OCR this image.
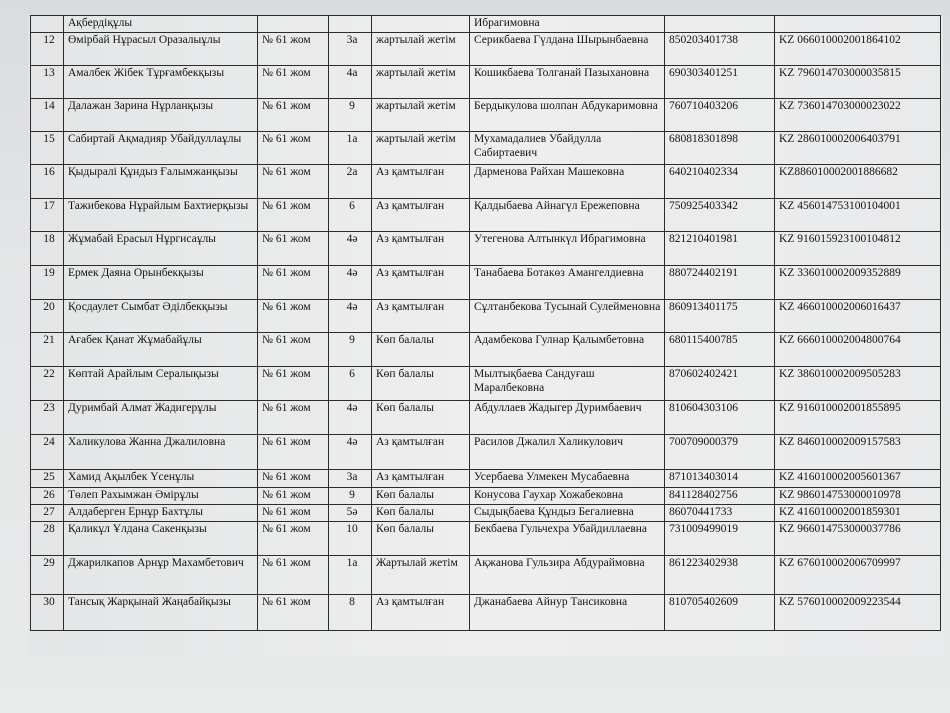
	Ақбердіқұлы				Ибрагимовна		
12	Өмірбай Нұрасыл Оразалыұлы	№ 61 жом	3а	жартылай жетім	Серикбаева Гүлдана Шырынбаевна	850203401738	KZ 066010002001864102
13	Амалбек Жібек Тұрғамбекқызы	№ 61 жом	4а	жартылай жетім	Кошикбаева Толганай Пазыхановна	690303401251	KZ 796014703000035815
14	Далажан Зарина Нұрланқызы	№ 61 жом	9	жартылай жетім	Бердыкулова шолпан Абдукаримовна	760710403206	KZ 736014703000023022
15	Сабиртай Ақмадияр Убайдуллаұлы	№ 61 жом	1а	жартылай жетім	Мухамадалиев Убайдулла Сабиртаевич	680818301898	KZ 286010002006403791
16	Қыдыралі Құндыз Ғалымжанқызы	№ 61 жом	2а	Аз қамтылған	Дарменова Райхан Машековна	640210402334	KZ886010002001886682
17	Тажибекова Нұрайлым Бахтиерқызы	№ 61 жом	6	Аз қамтылған	Қалдыбаева Айнагүл Ережеповна	750925403342	KZ 456014753100104001
18	Жұмабай Ерасыл Нұргисаұлы	№ 61 жом	4ә	Аз қамтылған	Утегенова Алтынкүл Ибрагимовна	821210401981	KZ 916015923100104812
19	Ермек Даяна Орынбекқызы	№ 61 жом	4ә	Аз қамтылған	Танабаева Ботакөз Амангелдиевна	880724402191	KZ 336010002009352889
20	Қосдаулет Сымбат Әділбекқызы	№ 61 жом	4ә	Аз қамтылған	Сұлтанбекова Тусынай Сулейменовна	860913401175	KZ 466010002006016437
21	Ағабек Қанат Жұмабайұлы	№ 61 жом	9	Көп балалы	Адамбекова Гулнар Қалымбетовна	680115400785	KZ 666010002004800764
22	Көптай Арайлым Сералықызы	№ 61 жом	6	Көп балалы	Мылтықбаева Сандуғаш Маралбековна	870602402421	KZ 386010002009505283
23	Дуримбай Алмат Жадигерұлы	№ 61 жом	4ә	Көп балалы	Абдуллаев Жадыгер Дуримбаевич	810604303106	KZ 916010002001855895
24	Халикулова Жанна Джалиловна	№ 61 жом	4ә	Аз қамтылған	Расилов Джалил Халикулович	700709000379	KZ 846010002009157583
25	Хамид Ақылбек Үсенұлы	№ 61 жом	3а	Аз қамтылған	Усербаева Улмекен Мусабаевна	871013403014	KZ 416010002005601367
26	Төлеп Рахымжан Әмірұлы	№ 61 жом	9	Көп балалы	Конусова Гаухар Хожабековна	841128402756	KZ 986014753000010978
27	Алдаберген Ернұр Бахтұлы	№ 61 жом	5ә	Көп балалы	Сыдықбаева Құндыз Бегалиевна	86070441733	KZ 416010002001859301
28	Қаликұл Ұлдана Сакенқызы	№ 61 жом	10	Көп балалы	Бекбаева Гульчехра Убайдиллаевна	731009499019	KZ 966014753000037786
29	Джарилкапов Арнұр Махамбетович	№ 61 жом	1а	Жартылай жетім	Ақжанова Гульзира Абдураймовна	861223402938	KZ 676010002006709997
30	Тансық Жарқынай Жаңабайқызы	№ 61 жом	8	Аз қамтылған	Джанабаева Айнур Тансиковна	810705402609	KZ 576010002009223544
